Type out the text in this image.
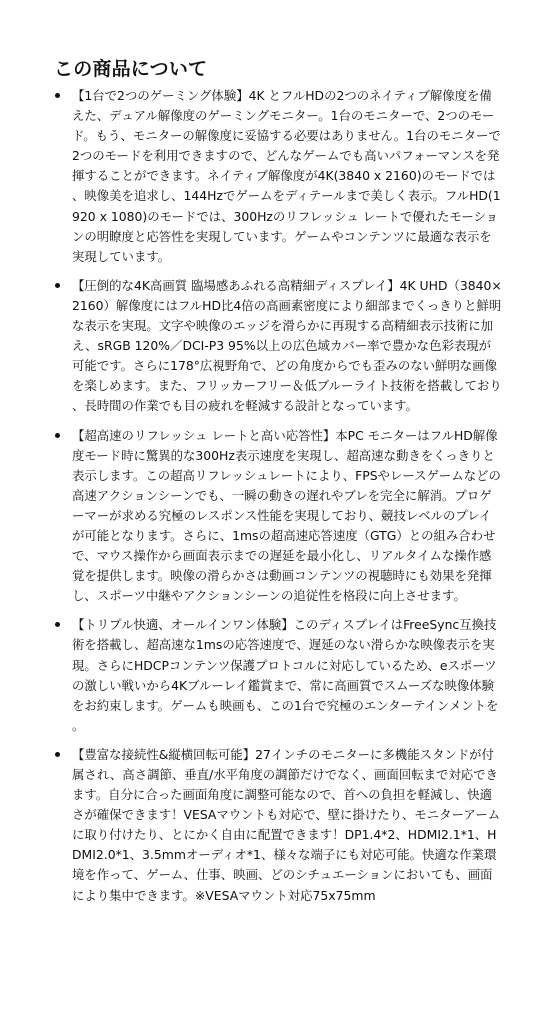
この商品について
【1台で2つのゲーミング体験】4K とフルHDの2つのネイティブ解像度を備えた、デュアル解像度のゲーミングモニター。1台のモニターで、2つのモード。もう、モニターの解像度に妥協する必要はありません。1台のモニターで2つのモードを利用できますので、どんなゲームでも高いパフォーマンスを発揮することができます。ネイティブ解像度が4K(3840 x 2160)のモードでは、映像美を追求し、144Hzでゲームをディテールまで美しく表示。フルHD(1920 x 1080)のモードでは、300Hzのリフレッシュ レートで優れたモーションの明瞭度と応答性を実現しています。ゲームやコンテンツに最適な表示を実現しています。
【圧倒的な4K高画質 臨場感あふれる高精細ディスプレイ】4K UHD（3840×2160）解像度にはフルHD比4倍の高画素密度により細部までくっきりと鮮明な表示を実現。文字や映像のエッジを滑らかに再現する高精細表示技術に加え、sRGB 120%／DCI-P3 95%以上の広色域カバー率で豊かな色彩表現が可能です。さらに178°広視野角で、どの角度からでも歪みのない鮮明な画像を楽しめます。また、フリッカーフリー＆低ブルーライト技術を搭載しており、長時間の作業でも目の疲れを軽減する設計となっています。
【超高速のリフレッシュ レートと高い応答性】本PC モニターはフルHD解像度モード時に驚異的な300Hz表示速度を実現し、超高速な動きをくっきりと表示します。この超高リフレッシュレートにより、FPSやレースゲームなどの高速アクションシーンでも、一瞬の動きの遅れやブレを完全に解消。プロゲーマーが求める究極のレスポンス性能を実現しており、競技レベルのプレイが可能となります。さらに、1msの超高速応答速度（GTG）との組み合わせで、マウス操作から画面表示までの遅延を最小化し、リアルタイムな操作感覚を提供します。映像の滑らかさは動画コンテンツの視聴時にも効果を発揮し、スポーツ中継やアクションシーンの追従性を格段に向上させます。
【トリプル快適、オールインワン体験】このディスプレイはFreeSync互換技術を搭載し、超高速な1msの応答速度で、遅延のない滑らかな映像表示を実現。さらにHDCPコンテンツ保護プロトコルに対応しているため、eスポーツの激しい戦いから4Kブルーレイ鑑賞まで、常に高画質でスムーズな映像体験をお約束します。ゲームも映画も、この1台で究極のエンターテインメントを。
【豊富な接続性&縦横回転可能】27インチのモニターに多機能スタンドが付属され、高さ調節、垂直/水平角度の調節だけでなく、画面回転まで対応できます。自分に合った画面角度に調整可能なので、首への負担を軽減し、快適さが確保できます！VESAマウントも対応で、壁に掛けたり、モニターアームに取り付けたり、とにかく自由に配置できます！DP1.4*2、HDMI2.1*1、HDMI2.0*1、3.5mmオーディオ*1、様々な端子にも対応可能。快適な作業環境を作って、ゲーム、仕事、映画、どのシチュエーションにおいても、画面により集中できます。※VESAマウント対応75x75mm
